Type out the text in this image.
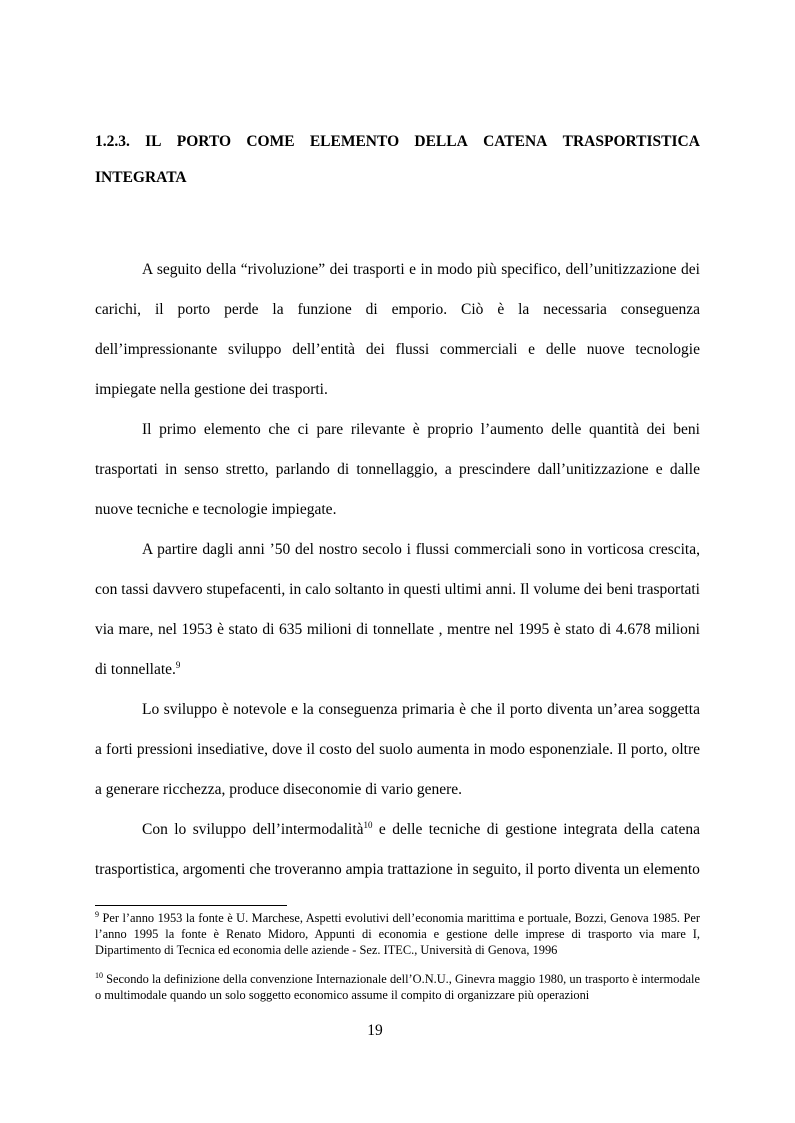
1.2.3. IL PORTO COME ELEMENTO DELLA CATENA TRASPORTISTICA
INTEGRATA

A seguito della “rivoluzione” dei trasporti e in modo più specifico, dell’unitizzazione dei carichi, il porto perde la funzione di emporio. Ciò è la necessaria conseguenza dell’impressionante sviluppo dell’entità dei flussi commerciali e delle nuove tecnologie impiegate nella gestione dei trasporti.

Il primo elemento che ci pare rilevante è proprio l’aumento delle quantità dei beni trasportati in senso stretto, parlando di tonnellaggio, a prescindere dall’unitizzazione e dalle nuove tecniche e tecnologie impiegate.

A partire dagli anni ’50 del nostro secolo i flussi commerciali sono in vorticosa crescita, con tassi davvero stupefacenti, in calo soltanto in questi ultimi anni. Il volume dei beni trasportati via mare, nel 1953 è stato di 635 milioni di tonnellate , mentre nel 1995 è stato di 4.678 milioni di tonnellate.$^9$

Lo sviluppo è notevole e la conseguenza primaria è che il porto diventa un’area soggetta a forti pressioni insediative, dove il costo del suolo aumenta in modo esponenziale. Il porto, oltre a generare ricchezza, produce diseconomie di vario genere.

Con lo sviluppo dell’intermodalità$^{10}$ e delle tecniche di gestione integrata della catena trasportistica, argomenti che troveranno ampia trattazione in seguito, il porto diventa un elemento

$^9$ Per l’anno 1953 la fonte è U. Marchese, Aspetti evolutivi dell’economia marittima e portuale, Bozzi, Genova 1985. Per l’anno 1995 la fonte è Renato Midoro, Appunti di economia e gestione delle imprese di trasporto via mare I, Dipartimento di Tecnica ed economia delle aziende - Sez. ITEC., Università di Genova, 1996

$^{10}$ Secondo la definizione della convenzione Internazionale dell’O.N.U., Ginevra maggio 1980, un trasporto è intermodale o multimodale quando un solo soggetto economico assume il compito di organizzare più operazioni

19
